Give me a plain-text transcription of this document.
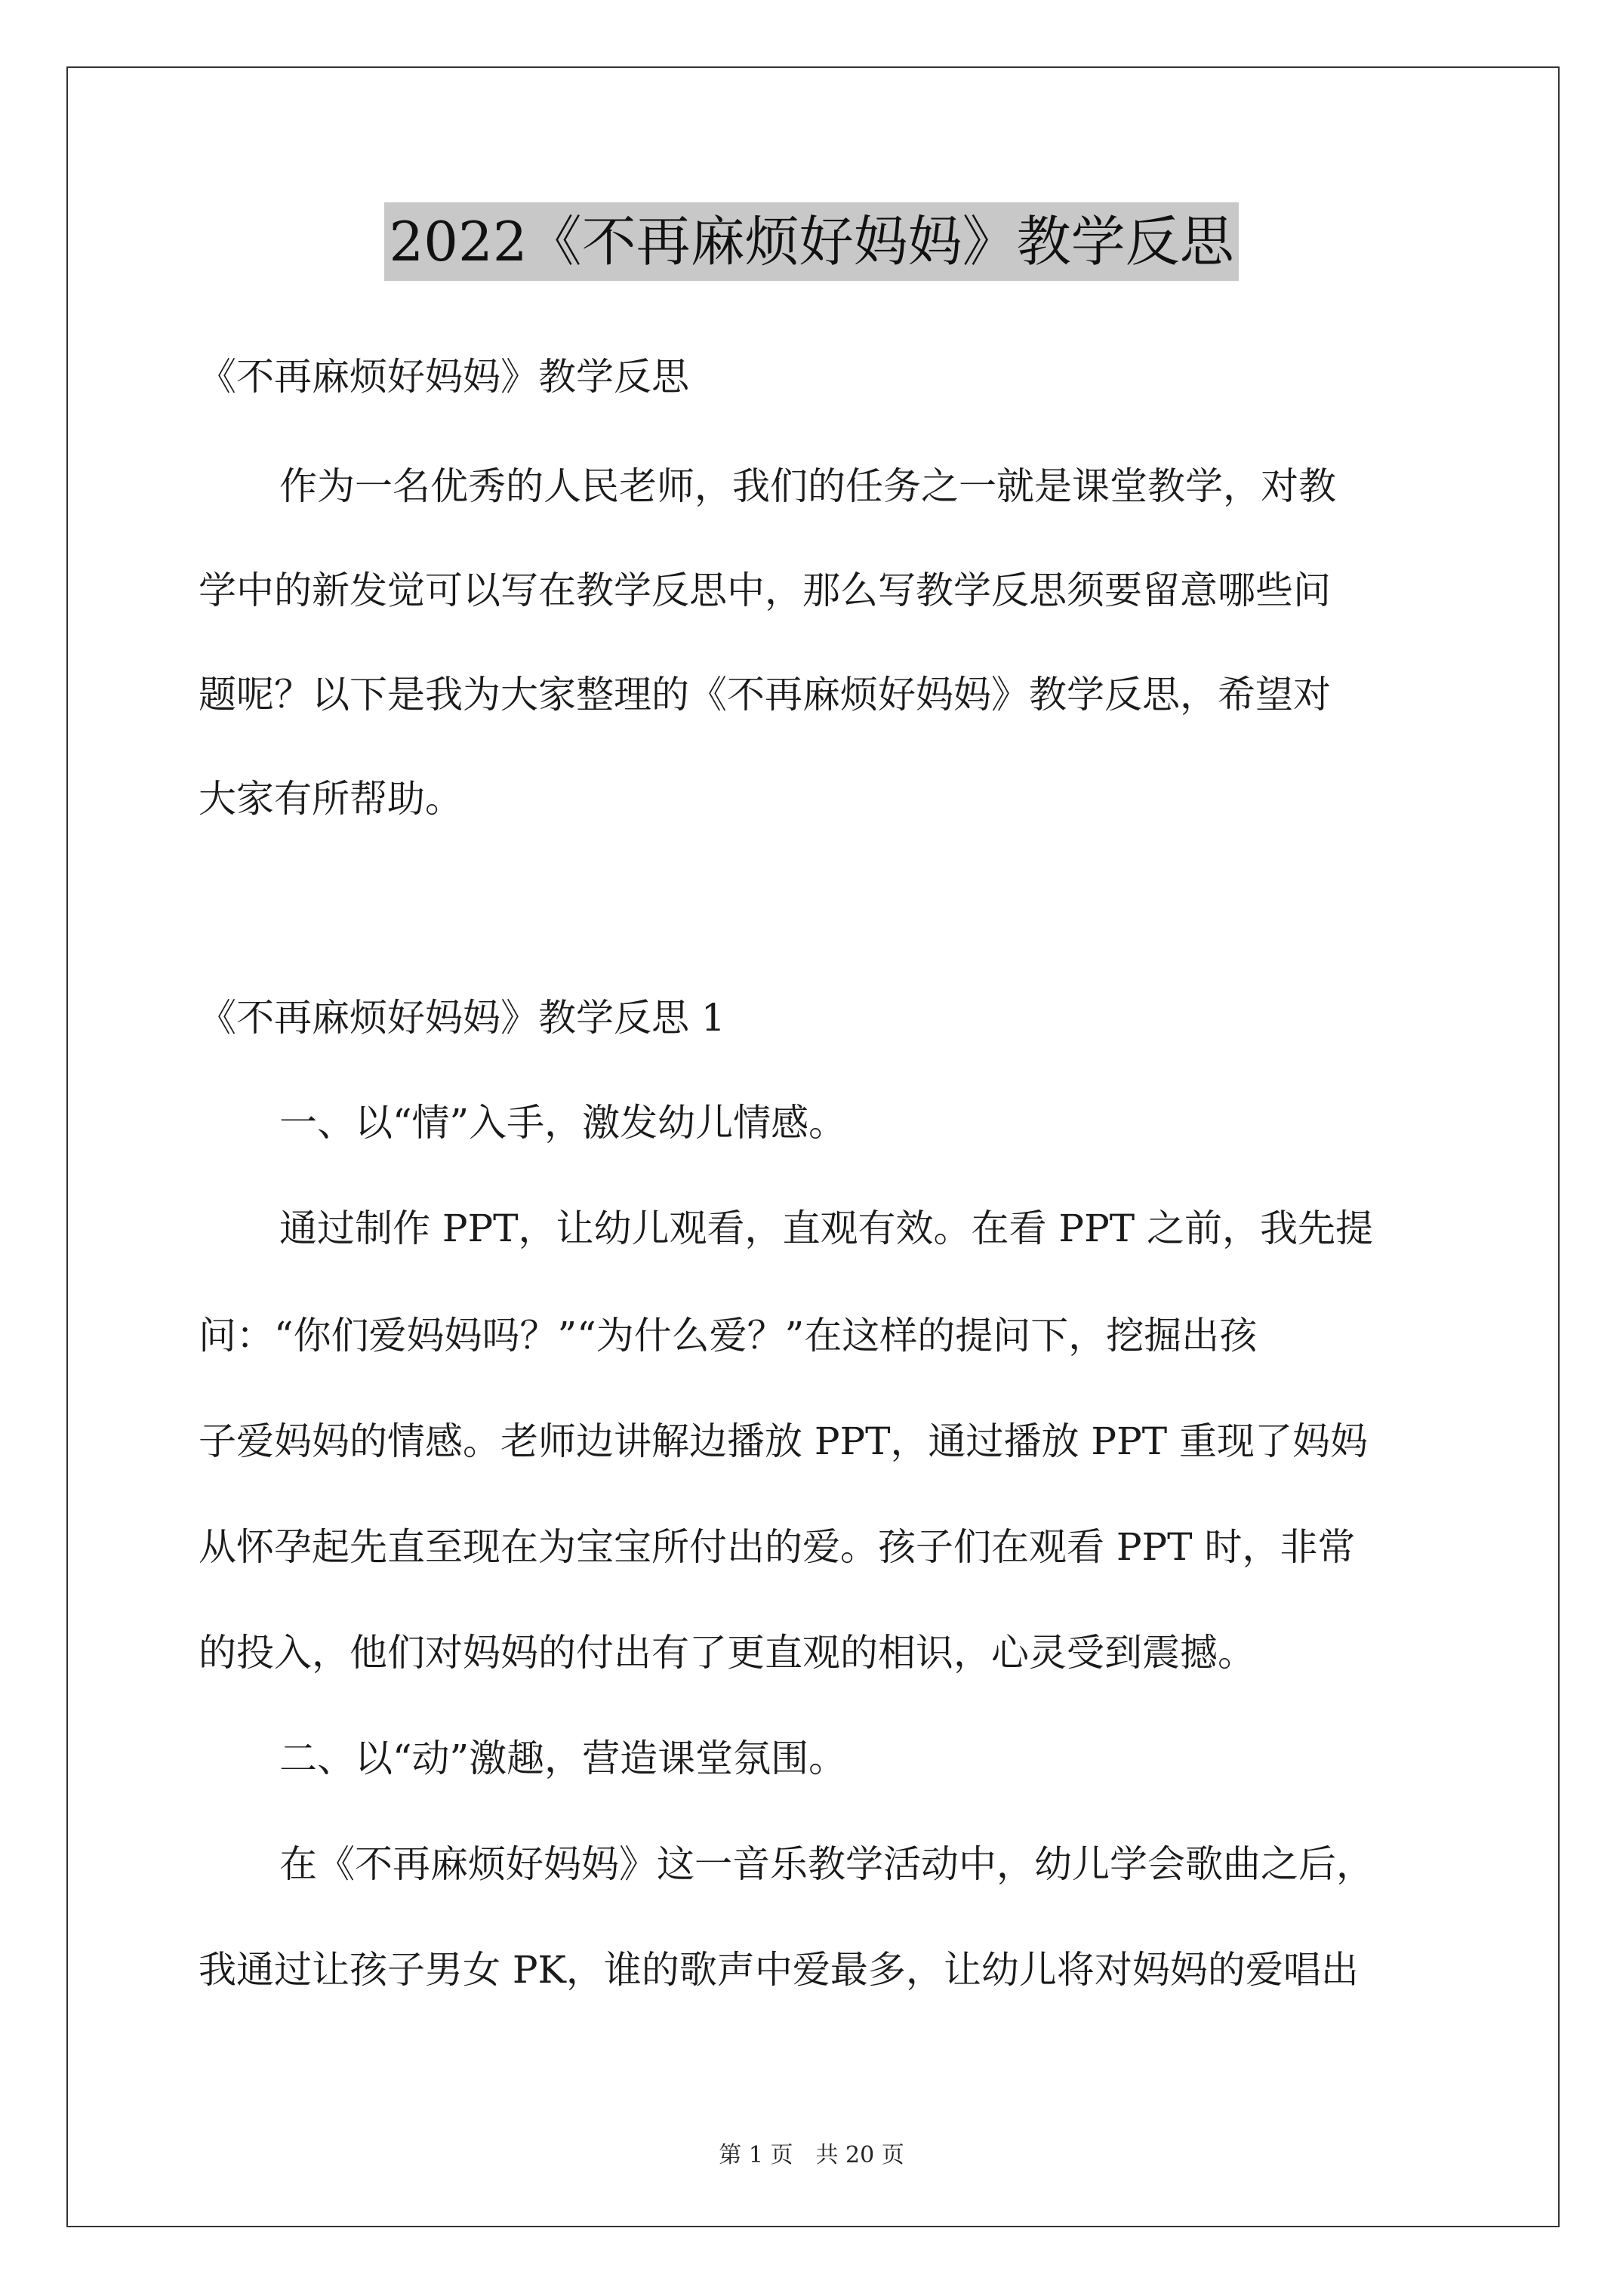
2022《不再麻烦好妈妈》教学反思
《不再麻烦好妈妈》教学反思
作为一名优秀的人民老师，我们的任务之一就是课堂教学，对教
学中的新发觉可以写在教学反思中，那么写教学反思须要留意哪些问
题呢？以下是我为大家整理的《不再麻烦好妈妈》教学反思，希望对
大家有所帮助。
《不再麻烦好妈妈》教学反思 1
一、以“情”入手，激发幼儿情感。
通过制作 PPT，让幼儿观看，直观有效。在看 PPT 之前，我先提
问：“你们爱妈妈吗？”“为什么爱？”在这样的提问下，挖掘出孩
子爱妈妈的情感。老师边讲解边播放 PPT，通过播放 PPT 重现了妈妈
从怀孕起先直至现在为宝宝所付出的爱。孩子们在观看 PPT 时，非常
的投入，他们对妈妈的付出有了更直观的相识，心灵受到震撼。
二、以“动”激趣，营造课堂氛围。
在《不再麻烦好妈妈》这一音乐教学活动中，幼儿学会歌曲之后，
我通过让孩子男女 PK，谁的歌声中爱最多，让幼儿将对妈妈的爱唱出
第 1 页　共 20 页
